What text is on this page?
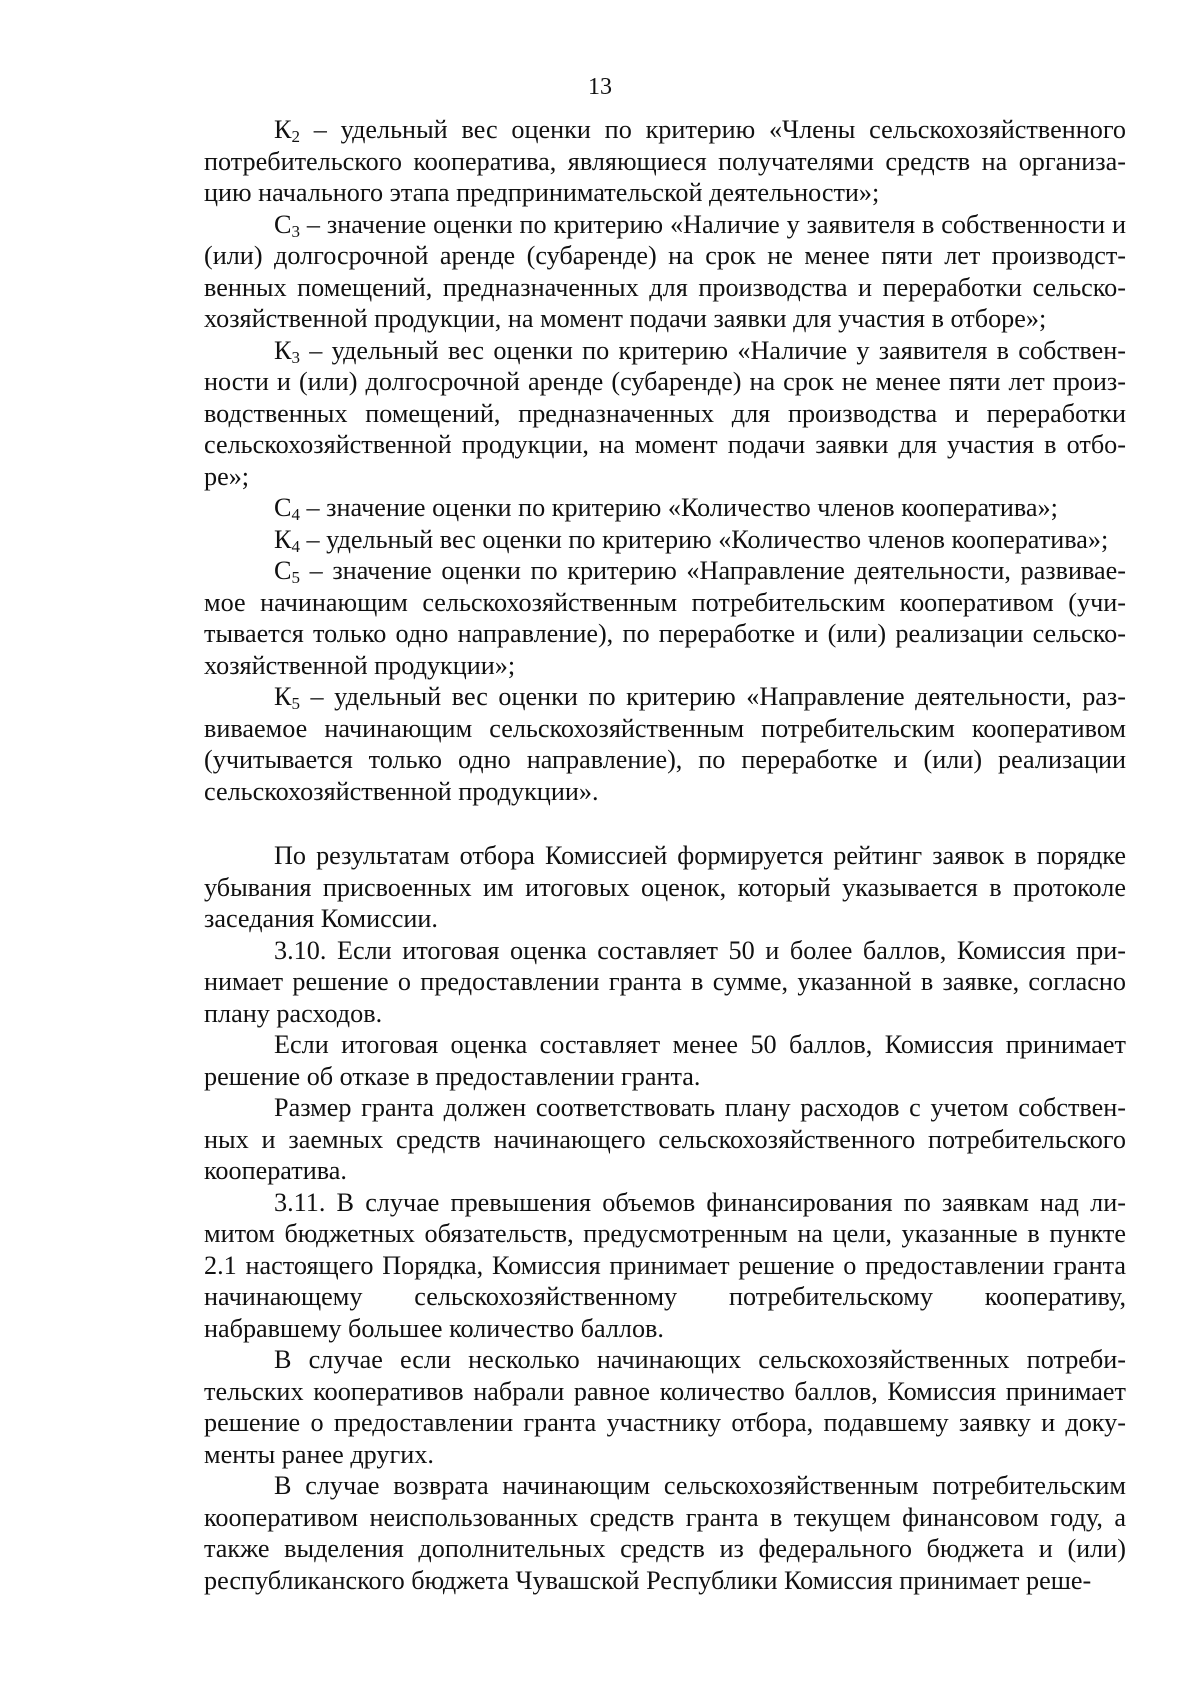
13

$К_2$ – удельный вес оценки по критерию «Члены сельскохозяйственного потребительского кооператива, являющиеся получателями средств на организацию начального этапа предпринимательской деятельности»;

$С_3$ – значение оценки по критерию «Наличие у заявителя в собственности и (или) долгосрочной аренде (субаренде) на срок не менее пяти лет производственных помещений, предназначенных для производства и переработки сельскохозяйственной продукции, на момент подачи заявки для участия в отборе»;

$К_3$ – удельный вес оценки по критерию «Наличие у заявителя в собственности и (или) долгосрочной аренде (субаренде) на срок не менее пяти лет производственных помещений, предназначенных для производства и переработки сельскохозяйственной продукции, на момент подачи заявки для участия в отборе»;

$С_4$ – значение оценки по критерию «Количество членов кооператива»;

$К_4$ – удельный вес оценки по критерию «Количество членов кооператива»;

$С_5$ – значение оценки по критерию «Направление деятельности, развиваемое начинающим сельскохозяйственным потребительским кооперативом (учитывается только одно направление), по переработке и (или) реализации сельскохозяйственной продукции»;

$К_5$ – удельный вес оценки по критерию «Направление деятельности, развиваемое начинающим сельскохозяйственным потребительским кооперативом (учитывается только одно направление), по переработке и (или) реализации сельскохозяйственной продукции».

По результатам отбора Комиссией формируется рейтинг заявок в порядке убывания присвоенных им итоговых оценок, который указывается в протоколе заседания Комиссии.

3.10. Если итоговая оценка составляет 50 и более баллов, Комиссия принимает решение о предоставлении гранта в сумме, указанной в заявке, согласно плану расходов.

Если итоговая оценка составляет менее 50 баллов, Комиссия принимает решение об отказе в предоставлении гранта.

Размер гранта должен соответствовать плану расходов с учетом собственных и заемных средств начинающего сельскохозяйственного потребительского кооператива.

3.11. В случае превышения объемов финансирования по заявкам над лимитом бюджетных обязательств, предусмотренным на цели, указанные в пункте 2.1 настоящего Порядка, Комиссия принимает решение о предоставлении гранта начинающему сельскохозяйственному потребительскому кооперативу, набравшему большее количество баллов.

В случае если несколько начинающих сельскохозяйственных потребительских кооперативов набрали равное количество баллов, Комиссия принимает решение о предоставлении гранта участнику отбора, подавшему заявку и документы ранее других.

В случае возврата начинающим сельскохозяйственным потребительским кооперативом неиспользованных средств гранта в текущем финансовом году, а также выделения дополнительных средств из федерального бюджета и (или) республиканского бюджета Чувашской Республики Комиссия принимает реше-
